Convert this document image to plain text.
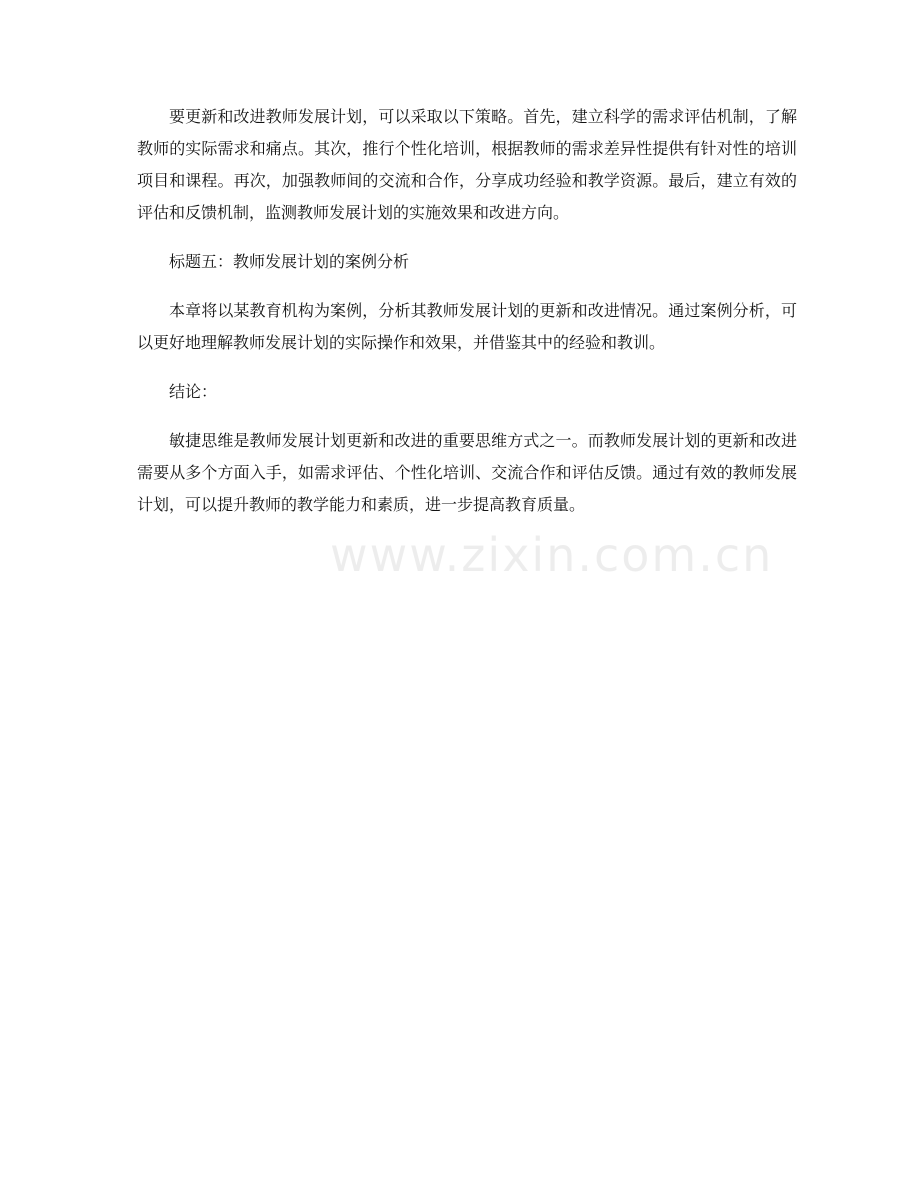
要更新和改进教师发展计划，可以采取以下策略。首先，建立科学的需求评估机制，了解教师的实际需求和痛点。其次，推行个性化培训，根据教师的需求差异性提供有针对性的培训项目和课程。再次，加强教师间的交流和合作，分享成功经验和教学资源。最后，建立有效的评估和反馈机制，监测教师发展计划的实施效果和改进方向。

标题五：教师发展计划的案例分析

本章将以某教育机构为案例，分析其教师发展计划的更新和改进情况。通过案例分析，可以更好地理解教师发展计划的实际操作和效果，并借鉴其中的经验和教训。

结论：

敏捷思维是教师发展计划更新和改进的重要思维方式之一。而教师发展计划的更新和改进需要从多个方面入手，如需求评估、个性化培训、交流合作和评估反馈。通过有效的教师发展计划，可以提升教师的教学能力和素质，进一步提高教育质量。

www.zixin.com.cn
